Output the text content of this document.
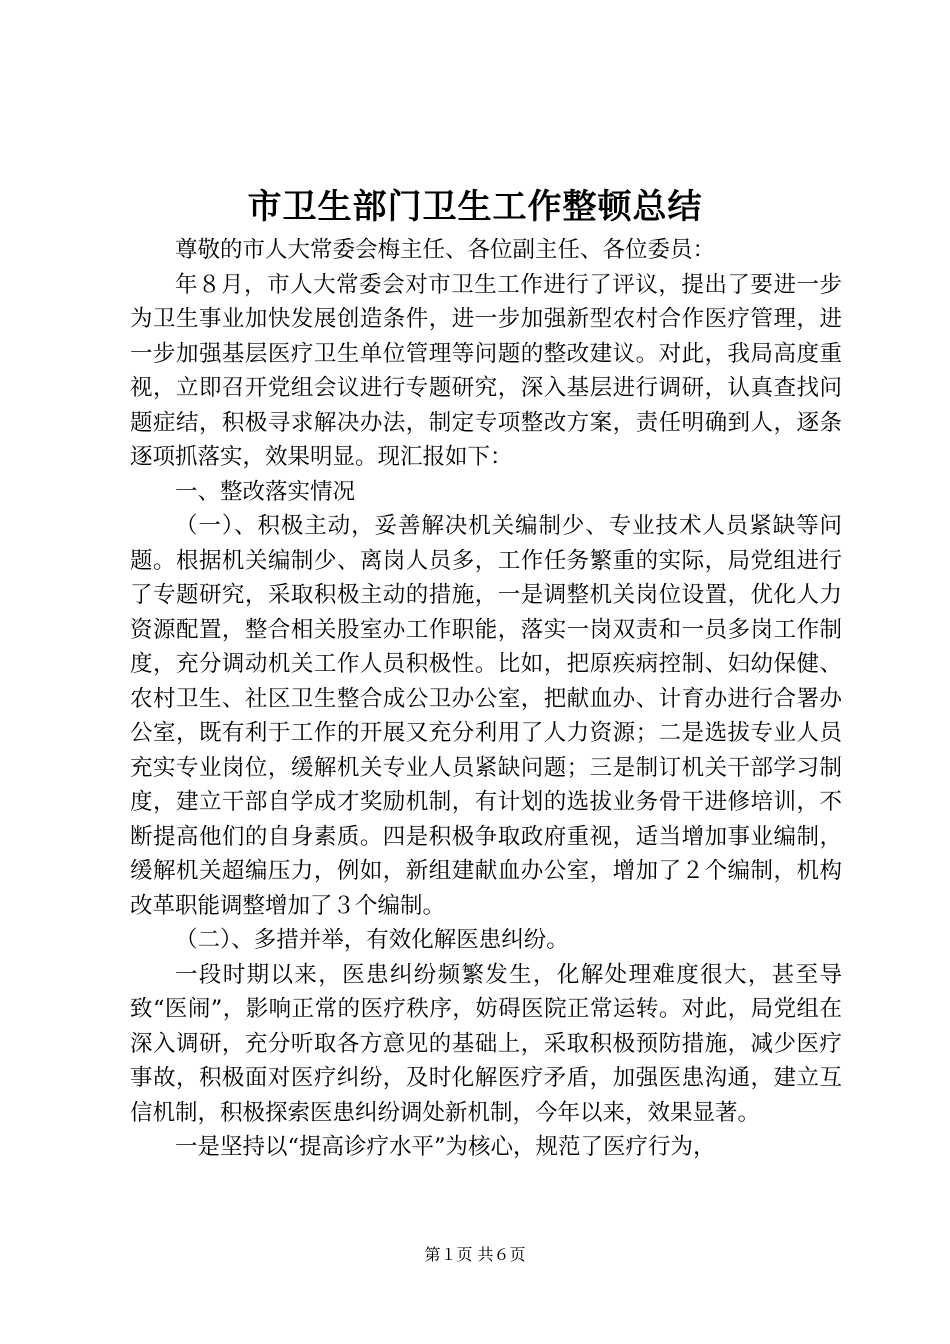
市卫生部门卫生工作整顿总结

尊敬的市人大常委会梅主任、各位副主任、各位委员：

年８月，市人大常委会对市卫生工作进行了评议，提出了要进一步为卫生事业加快发展创造条件，进一步加强新型农村合作医疗管理，进一步加强基层医疗卫生单位管理等问题的整改建议。对此，我局高度重视，立即召开党组会议进行专题研究，深入基层进行调研，认真查找问题症结，积极寻求解决办法，制定专项整改方案，责任明确到人，逐条逐项抓落实，效果明显。现汇报如下：

一、整改落实情况

（一）、积极主动，妥善解决机关编制少、专业技术人员紧缺等问题。根据机关编制少、离岗人员多，工作任务繁重的实际，局党组进行了专题研究，采取积极主动的措施，一是调整机关岗位设置，优化人力资源配置，整合相关股室办工作职能，落实一岗双责和一员多岗工作制度，充分调动机关工作人员积极性。比如，把原疾病控制、妇幼保健、农村卫生、社区卫生整合成公卫办公室，把献血办、计育办进行合署办公室，既有利于工作的开展又充分利用了人力资源；二是选拔专业人员充实专业岗位，缓解机关专业人员紧缺问题；三是制订机关干部学习制度，建立干部自学成才奖励机制，有计划的选拔业务骨干进修培训，不断提高他们的自身素质。四是积极争取政府重视，适当增加事业编制，缓解机关超编压力，例如，新组建献血办公室，增加了２个编制，机构改革职能调整增加了３个编制。

（二）、多措并举，有效化解医患纠纷。

一段时期以来，医患纠纷频繁发生，化解处理难度很大，甚至导致“医闹”，影响正常的医疗秩序，妨碍医院正常运转。对此，局党组在深入调研，充分听取各方意见的基础上，采取积极预防措施，减少医疗事故，积极面对医疗纠纷，及时化解医疗矛盾，加强医患沟通，建立互信机制，积极探索医患纠纷调处新机制，今年以来，效果显著。

一是坚持以“提高诊疗水平”为核心，规范了医疗行为，

第１页 共６页
